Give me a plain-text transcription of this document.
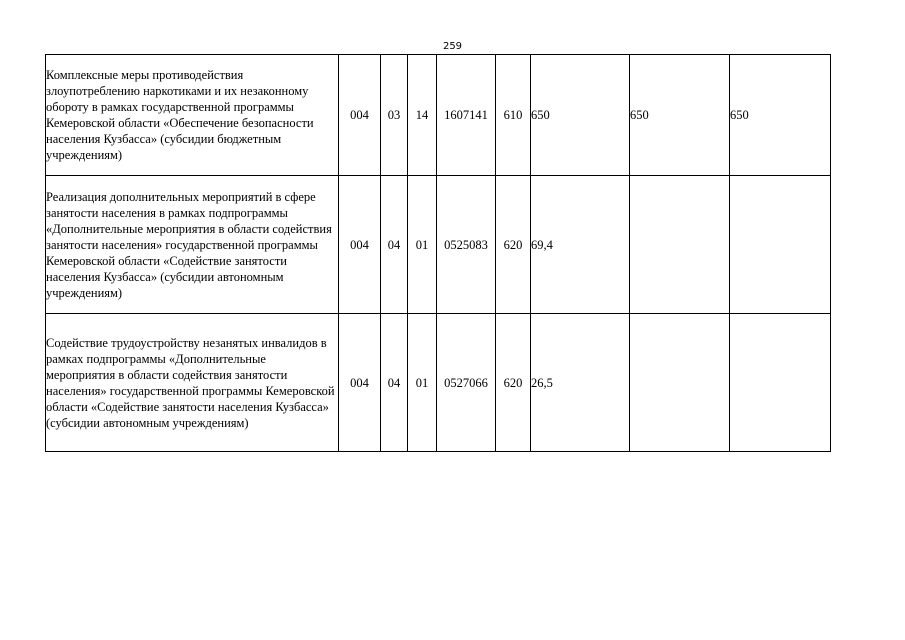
259
Комплексные меры противодействия злоупотреблению наркотиками и их незаконному обороту в рамках государственной программы Кемеровской области «Обеспечение безопасности населения Кузбасса» (субсидии бюджетным учреждениям)	004	03	14	1607141	610	650	650	650
Реализация дополнительных мероприятий в сфере занятости населения в рамках подпрограммы «Дополнительные мероприятия в области содействия занятости населения» государственной программы Кемеровской области «Содействие занятости населения Кузбасса» (субсидии автономным учреждениям)	004	04	01	0525083	620	69,4		
Содействие трудоустройству незанятых инвалидов в рамках подпрограммы «Дополнительные мероприятия в области содействия занятости населения» государственной программы Кемеровской области «Содействие занятости населения Кузбасса» (субсидии автономным учреждениям)	004	04	01	0527066	620	26,5		
